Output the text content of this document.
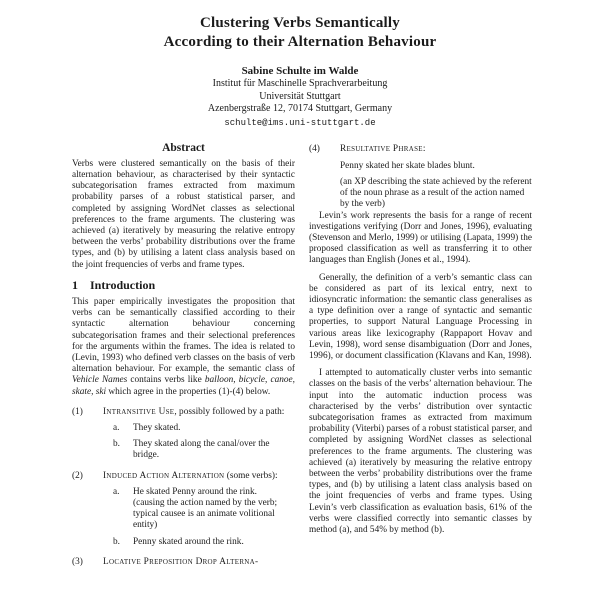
Clustering Verbs Semantically
According to their Alternation Behaviour
Sabine Schulte im Walde
Institut für Maschinelle Sprachverarbeitung
Universität Stuttgart
Azenbergstraße 12, 70174 Stuttgart, Germany
schulte@ims.uni-stuttgart.de
Abstract

Verbs were clustered semantically on the basis of their alternation behaviour, as characterised by their syntactic subcategorisation frames extracted from maximum probability parses of a robust statistical parser, and completed by assigning WordNet classes as selectional preferences to the frame arguments. The clustering was achieved (a) iteratively by measuring the relative entropy between the verbs’ probability distributions over the frame types, and (b) by utilising a latent class analysis based on the joint frequencies of verbs and frame types.

1 Introduction

This paper empirically investigates the proposition that verbs can be semantically classified according to their syntactic alternation behaviour concerning subcategorisation frames and their selectional preferences for the arguments within the frames. The idea is related to (Levin, 1993) who defined verb classes on the basis of verb alternation behaviour. For example, the semantic class of Vehicle Names contains verbs like balloon, bicycle, canoe, skate, ski which agree in the properties (1)-(4) below.

(1)	Intransitive Use, possibly followed by a path:
a.	They skated.
b.	They skated along the canal/over the bridge.
(2)	Induced Action Alternation (some verbs):
a.	He skated Penny around the rink.
(causing the action named by the verb; typical causee is an animate volitional entity)
b.	Penny skated around the rink.
(3)	Locative Preposition Drop Alterna-
(4)	Resultative Phrase:
Penny skated her skate blades blunt.
(an XP describing the state achieved by the referent of the noun phrase as a result of the action named by the verb)

Levin’s work represents the basis for a range of recent investigations verifying (Dorr and Jones, 1996), evaluating (Stevenson and Merlo, 1999) or utilising (Lapata, 1999) the proposed classification as well as transferring it to other languages than English (Jones et al., 1994).

Generally, the definition of a verb’s semantic class can be considered as part of its lexical entry, next to idiosyncratic information: the semantic class generalises as a type definition over a range of syntactic and semantic properties, to support Natural Language Processing in various areas like lexicography (Rappaport Hovav and Levin, 1998), word sense disambiguation (Dorr and Jones, 1996), or document classification (Klavans and Kan, 1998).

I attempted to automatically cluster verbs into semantic classes on the basis of the verbs’ alternation behaviour. The input into the automatic induction process was characterised by the verbs’ distribution over syntactic subcategorisation frames as extracted from maximum probability (Viterbi) parses of a robust statistical parser, and completed by assigning WordNet classes as selectional preferences to the frame arguments. The clustering was achieved (a) iteratively by measuring the relative entropy between the verbs’ probability distributions over the frame types, and (b) by utilising a latent class analysis based on the joint frequencies of verbs and frame types. Using Levin’s verb classification as evaluation basis, 61% of the verbs were classified correctly into semantic classes by method (a), and 54% by method (b).
